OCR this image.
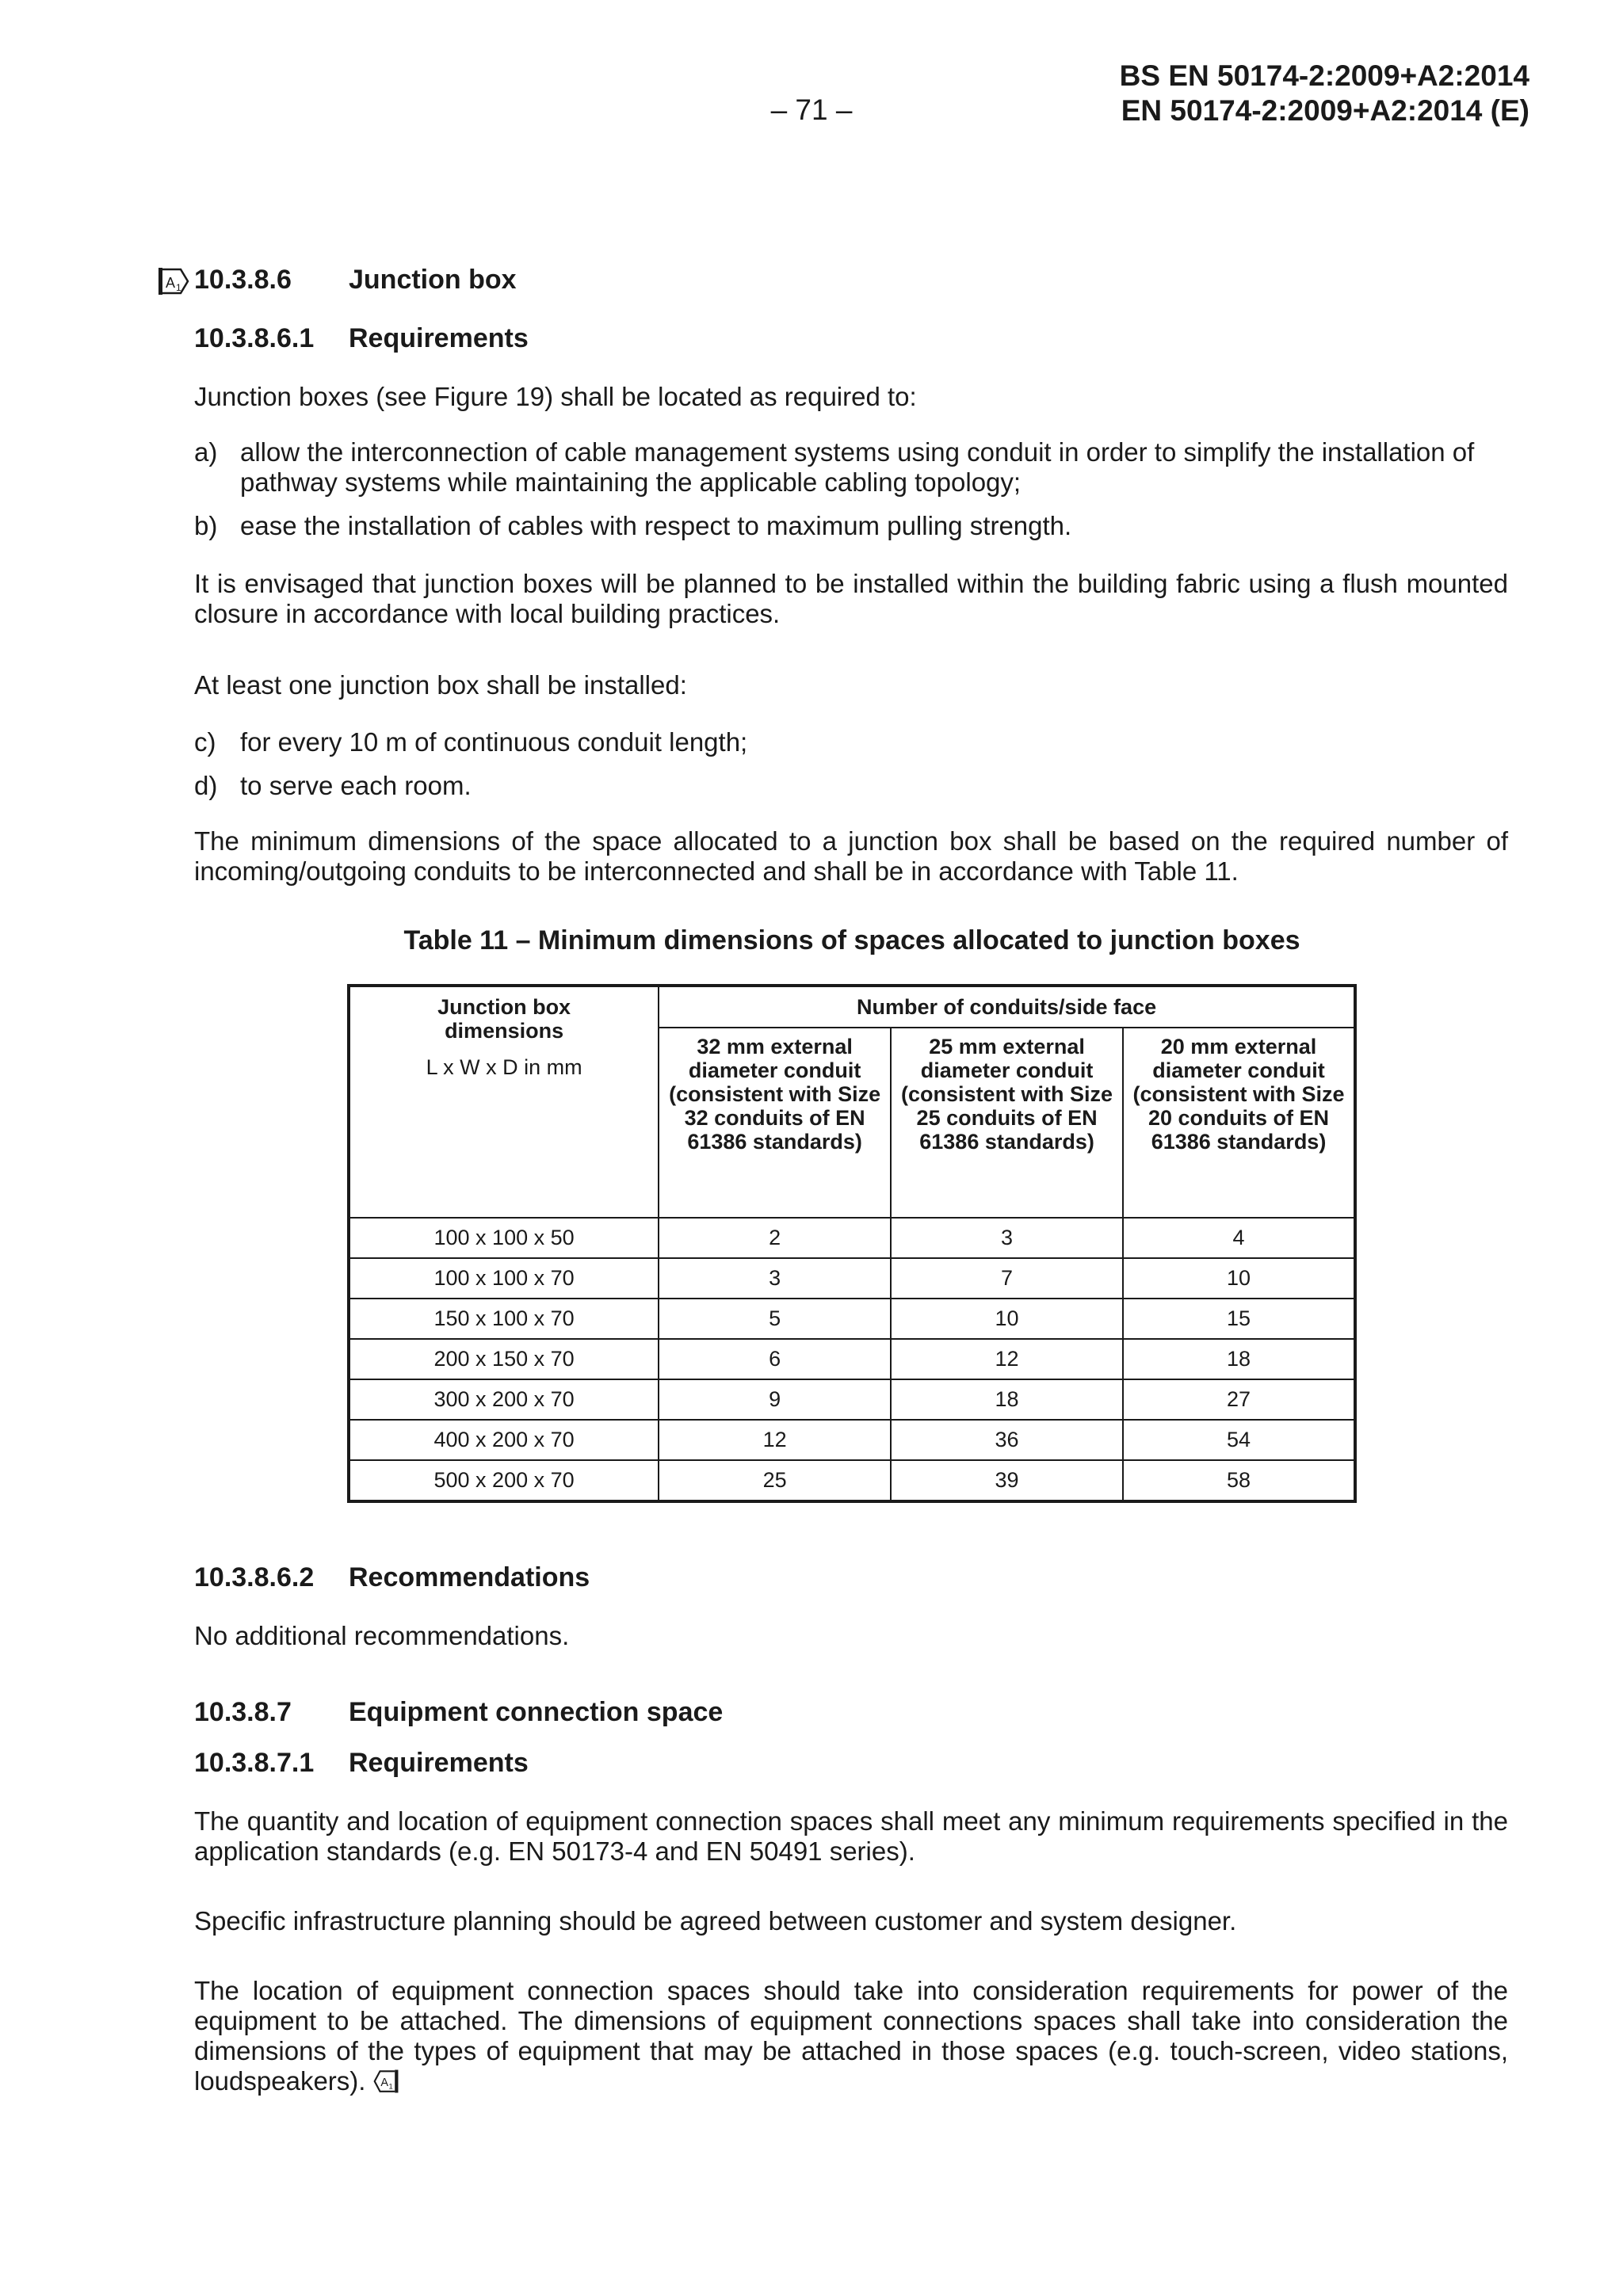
– 71 –
BS EN 50174-2:2009+A2:2014
EN 50174-2:2009+A2:2014 (E)
A 1 10.3.8.6 Junction box
10.3.8.6.1 Requirements
Junction boxes (see Figure 19) shall be located as required to:
a) allow the interconnection of cable management systems using conduit in order to simplify the installation of pathway systems while maintaining the applicable cabling topology;
b) ease the installation of cables with respect to maximum pulling strength.
It is envisaged that junction boxes will be planned to be installed within the building fabric using a flush mounted closure in accordance with local building practices.
At least one junction box shall be installed:
c) for every 10 m of continuous conduit length;
d) to serve each room.
The minimum dimensions of the space allocated to a junction box shall be based on the required number of incoming/outgoing conduits to be interconnected and shall be in accordance with Table 11.
Table 11 – Minimum dimensions of spaces allocated to junction boxes
Junction box dimensions
L x W x D in mm	Number of conduits/side face		
	32 mm external diameter conduit (consistent with Size 32 conduits of EN 61386 standards)	25 mm external diameter conduit (consistent with Size 25 conduits of EN 61386 standards)	20 mm external diameter conduit (consistent with Size 20 conduits of EN 61386 standards)
100 x 100 x 50	2	3	4
100 x 100 x 70	3	7	10
150 x 100 x 70	5	10	15
200 x 150 x 70	6	12	18
300 x 200 x 70	9	18	27
400 x 200 x 70	12	36	54
500 x 200 x 70	25	39	58
10.3.8.6.2 Recommendations
No additional recommendations.
10.3.8.7 Equipment connection space
10.3.8.7.1 Requirements
The quantity and location of equipment connection spaces shall meet any minimum requirements specified in the application standards (e.g. EN 50173-4 and EN 50491 series).
Specific infrastructure planning should be agreed between customer and system designer.
The location of equipment connection spaces should take into consideration requirements for power of the equipment to be attached. The dimensions of equipment connections spaces shall take into consideration the dimensions of the types of equipment that may be attached in those spaces (e.g. touch-screen, video stations, loudspeakers). A 1
